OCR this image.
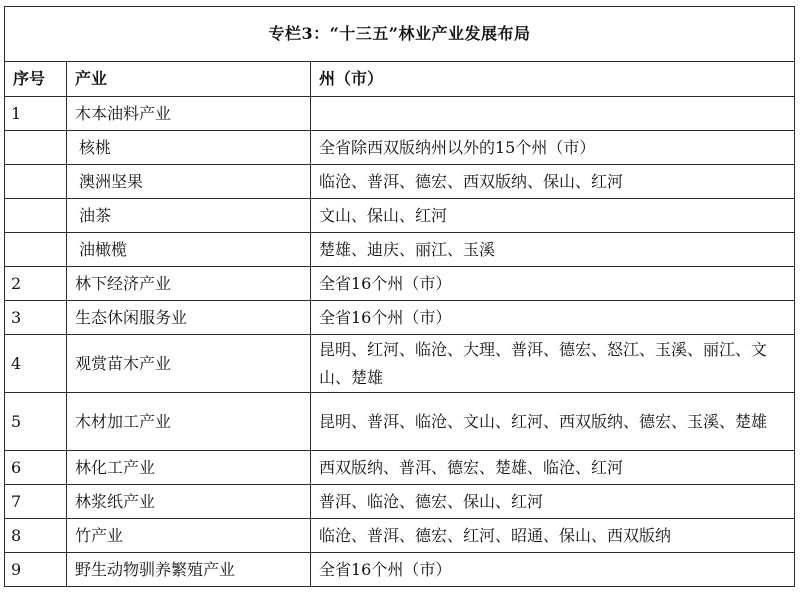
专栏3：“十三五”林业产业发展布局		
序号	产业	州（市）
1	木本油料产业	
	核桃	全省除西双版纳州以外的15个州（市）
	澳洲坚果	临沧、普洱、德宏、西双版纳、保山、红河
	油茶	文山、保山、红河
	油橄榄	楚雄、迪庆、丽江、玉溪
2	林下经济产业	全省16个州（市）
3	生态休闲服务业	全省16个州（市）
4	观赏苗木产业	昆明、红河、临沧、大理、普洱、德宏、怒江、玉溪、丽江、文山、楚雄
5	木材加工产业	昆明、普洱、临沧、文山、红河、西双版纳、德宏、玉溪、楚雄
6	林化工产业	西双版纳、普洱、德宏、楚雄、临沧、红河
7	林浆纸产业	普洱、临沧、德宏、保山、红河
8	竹产业	临沧、普洱、德宏、红河、昭通、保山、西双版纳
9	野生动物驯养繁殖产业	全省16个州（市）
